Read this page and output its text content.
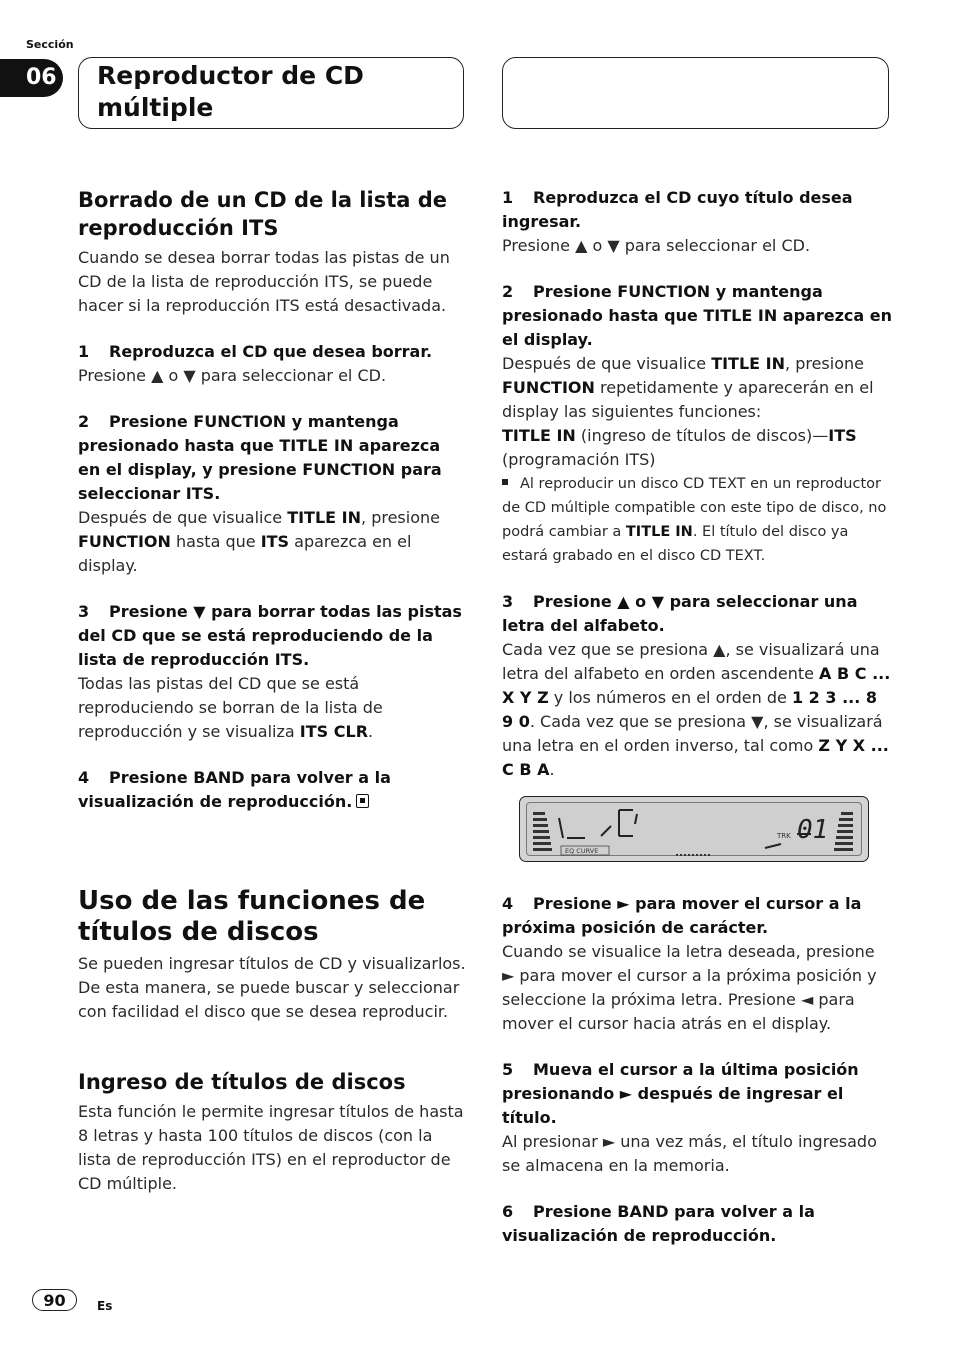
Sección
06 Reproductor de CD múltiple
Borrado de un CD de la lista de reproducción ITS

Cuando se desea borrar todas las pistas de un CD de la lista de reproducción ITS, se puede hacer si la reproducción ITS está desactivada.

1 Reproduzca el CD que desea borrar.

Presione ▲ o ▼ para seleccionar el CD.

2 Presione FUNCTION y mantenga presionado hasta que TITLE IN aparezca en el display, y presione FUNCTION para seleccionar ITS.

Después de que visualice TITLE IN, presione FUNCTION hasta que ITS aparezca en el display.

3 Presione ▼ para borrar todas las pistas del CD que se está reproduciendo de la lista de reproducción ITS.

Todas las pistas del CD que se está reproduciendo se borran de la lista de reproducción y se visualiza ITS CLR.

4 Presione BAND para volver a la visualización de reproducción.

Uso de las funciones de títulos de discos

Se pueden ingresar títulos de CD y visualizarlos. De esta manera, se puede buscar y seleccionar con facilidad el disco que se desea reproducir.

Ingreso de títulos de discos

Esta función le permite ingresar títulos de hasta 8 letras y hasta 100 títulos de discos (con la lista de reproducción ITS) en el reproductor de CD múltiple.

1 Reproduzca el CD cuyo título desea ingresar.

Presione ▲ o ▼ para seleccionar el CD.

2 Presione FUNCTION y mantenga presionado hasta que TITLE IN aparezca en el display.

Después de que visualice TITLE IN, presione FUNCTION repetidamente y aparecerán en el display las siguientes funciones:
TITLE IN (ingreso de títulos de discos)—ITS (programación ITS)

Al reproducir un disco CD TEXT en un reproductor de CD múltiple compatible con este tipo de disco, no podrá cambiar a TITLE IN. El título del disco ya estará grabado en el disco CD TEXT.

3 Presione ▲ o ▼ para seleccionar una letra del alfabeto.

Cada vez que se presiona ▲, se visualizará una letra del alfabeto en orden ascendente A B C ... X Y Z y los números en el orden de 1 2 3 ... 8 9 0. Cada vez que se presiona ▼, se visualizará una letra en el orden inverso, tal como Z Y X ... C B A.

TRK 01
EQ CURVE

4 Presione ► para mover el cursor a la próxima posición de carácter.

Cuando se visualice la letra deseada, presione ► para mover el cursor a la próxima posición y seleccione la próxima letra. Presione ◄ para mover el cursor hacia atrás en el display.

5 Mueva el cursor a la última posición presionando ► después de ingresar el título.

Al presionar ► una vez más, el título ingresado se almacena en la memoria.

6 Presione BAND para volver a la visualización de reproducción.

90	Es
